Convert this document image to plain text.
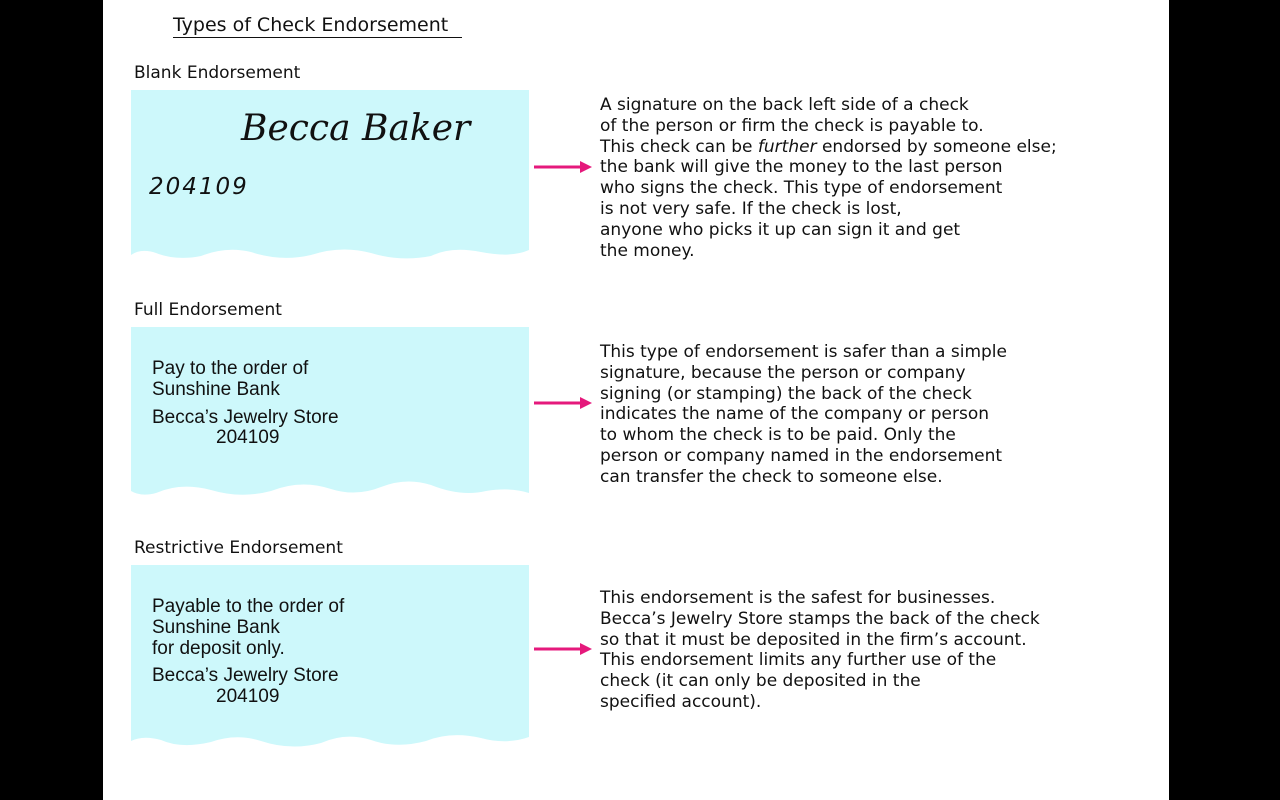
Types of Check Endorsement
Blank Endorsement
Becca Baker
204109

A signature on the back left side of a check

of the person or firm the check is payable to.

This check can be further endorsed by someone else;

the bank will give the money to the last person

who signs the check. This type of endorsement

is not very safe. If the check is lost,

anyone who picks it up can sign it and get

the money.

Full Endorsement
Pay to the order of
Sunshine Bank
Becca’s Jewelry Store
204109

This type of endorsement is safer than a simple

signature, because the person or company

signing (or stamping) the back of the check

indicates the name of the company or person

to whom the check is to be paid. Only the

person or company named in the endorsement

can transfer the check to someone else.

Restrictive Endorsement
Payable to the order of
Sunshine Bank
for deposit only.
Becca’s Jewelry Store
204109

This endorsement is the safest for businesses.

Becca’s Jewelry Store stamps the back of the check

so that it must be deposited in the firm’s account.

This endorsement limits any further use of the

check (it can only be deposited in the

specified account).
